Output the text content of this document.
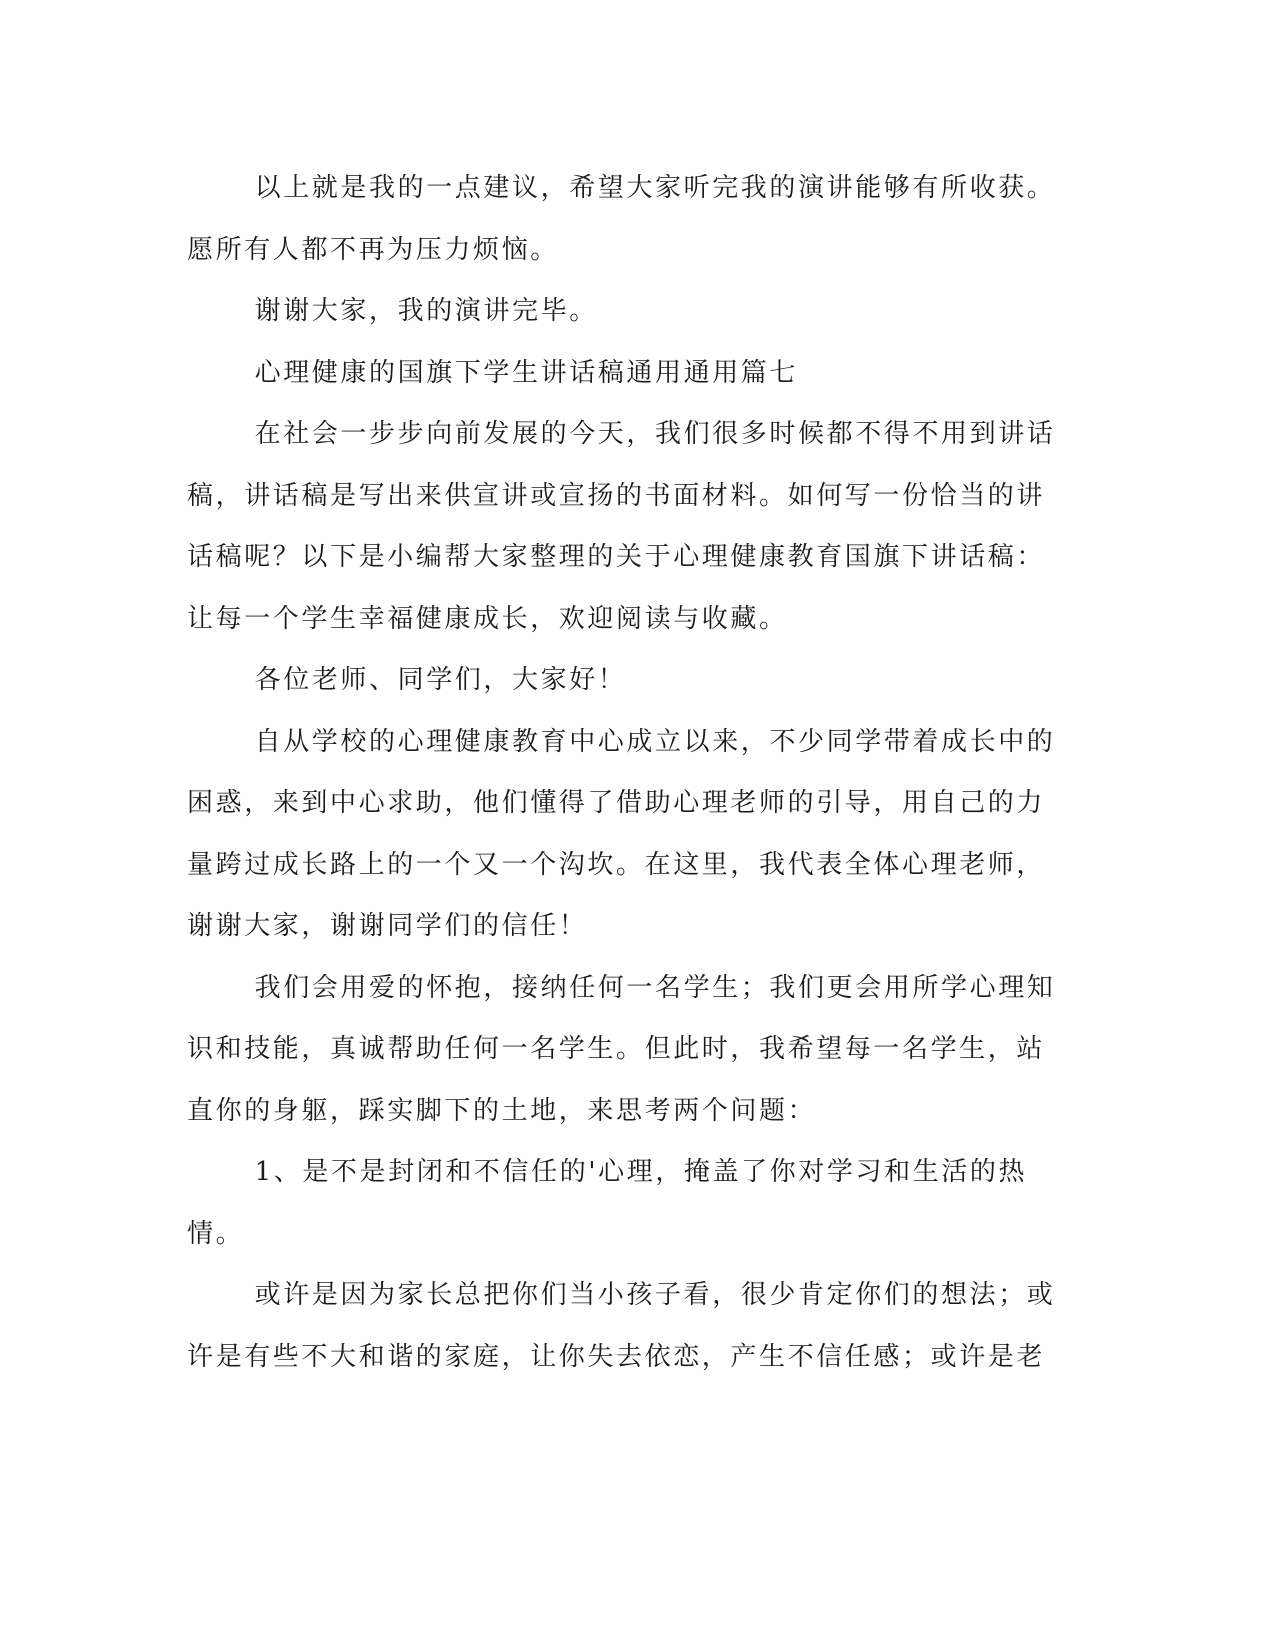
以上就是我的一点建议，希望大家听完我的演讲能够有所收获。愿所有人都不再为压力烦恼。

谢谢大家，我的演讲完毕。

心理健康的国旗下学生讲话稿通用通用篇七

在社会一步步向前发展的今天，我们很多时候都不得不用到讲话稿，讲话稿是写出来供宣讲或宣扬的书面材料。如何写一份恰当的讲话稿呢？以下是小编帮大家整理的关于心理健康教育国旗下讲话稿：让每一个学生幸福健康成长，欢迎阅读与收藏。

各位老师、同学们，大家好！

自从学校的心理健康教育中心成立以来，不少同学带着成长中的困惑，来到中心求助，他们懂得了借助心理老师的引导，用自己的力量跨过成长路上的一个又一个沟坎。在这里，我代表全体心理老师，谢谢大家，谢谢同学们的信任！

我们会用爱的怀抱，接纳任何一名学生；我们更会用所学心理知识和技能，真诚帮助任何一名学生。但此时，我希望每一名学生，站直你的身躯，踩实脚下的土地，来思考两个问题：

1、是不是封闭和不信任的'心理，掩盖了你对学习和生活的热情。

或许是因为家长总把你们当小孩子看，很少肯定你们的想法；或许是有些不大和谐的家庭，让你失去依恋，产生不信任感；或许是老
